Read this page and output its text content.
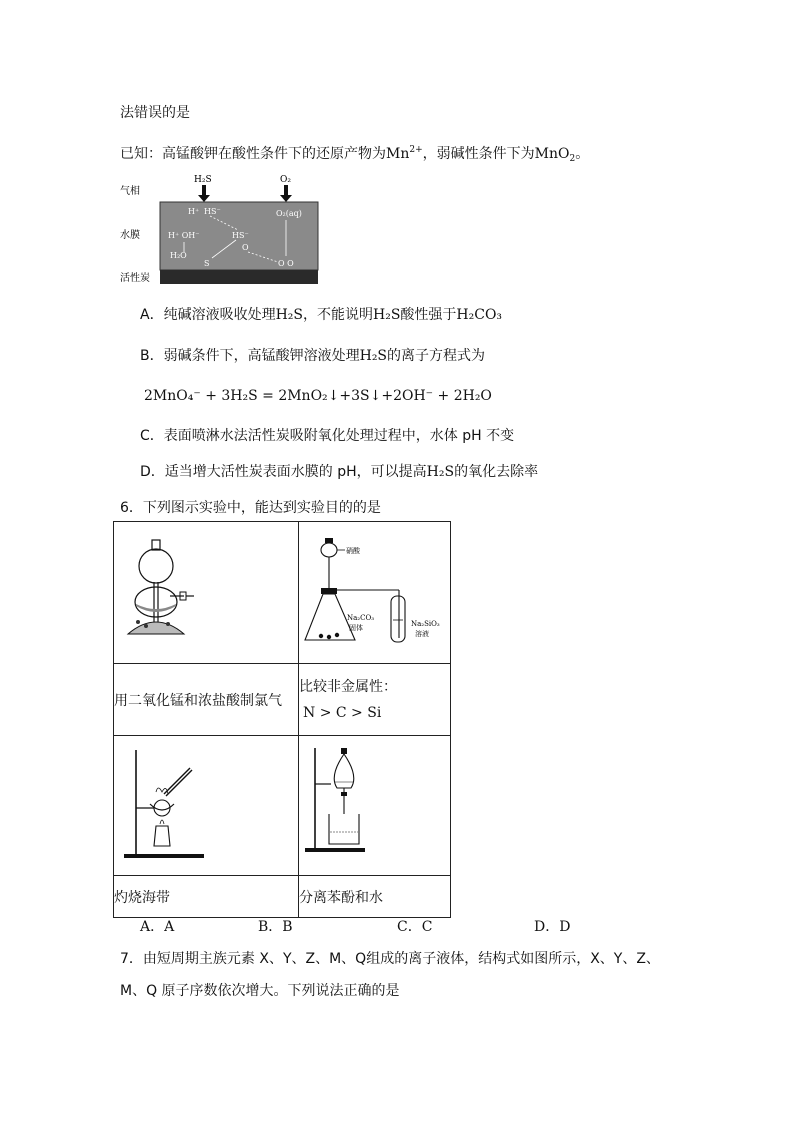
法错误的是
已知：高锰酸钾在酸性条件下的还原产物为$Mn^{2+}$，弱碱性条件下为MnO$_2$。
气相
水膜
活性炭
H₂S	O₂
H⁺ HS⁻
H⁺ OH⁻	HS⁻
H₂O
S
O
O₂(aq)
O O
A．纯碱溶液吸收处理H₂S，不能说明H₂S酸性强于H₂CO₃
B．弱碱条件下，高锰酸钾溶液处理H₂S的离子方程式为
2MnO₄⁻ + 3H₂S = 2MnO₂↓+3S↓+2OH⁻ + 2H₂O
C．表面喷淋水法活性炭吸附氧化处理过程中，水体 pH 不变
D．适当增大活性炭表面水膜的 pH，可以提高H₂S的氧化去除率
6．下列图示实验中，能达到实验目的的是

硝酸
Na₂CO₃
固体 Na₂SiO₃
溶液

用二氧化锰和浓盐酸制氯气	比较非金属性：
N > C > Si

灼烧海带	分离苯酚和水
A．A	B．B	C．C	D．D
7．由短周期主族元素 X、Y、Z、M、Q组成的离子液体，结构式如图所示，X、Y、Z、
M、Q 原子序数依次增大。下列说法正确的是
